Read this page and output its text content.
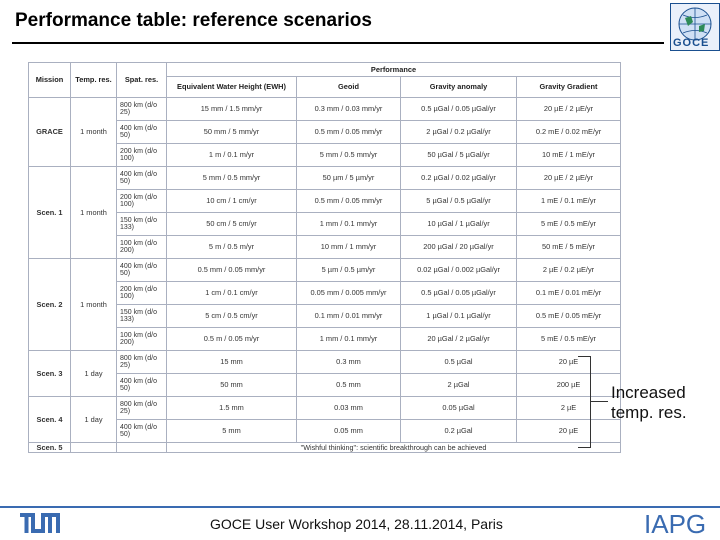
Performance table: reference scenarios
GOCE
Mission	Temp. res.	Spat. res.	Performance			
			Equivalent Water Height (EWH)	Geoid	Gravity anomaly	Gravity Gradient
GRACE	1 month	800 km (d/o 25)	15 mm / 1.5 mm/yr	0.3 mm / 0.03 mm/yr	0.5 µGal / 0.05 µGal/yr	20 µE / 2 µE/yr
		400 km (d/o 50)	50 mm / 5 mm/yr	0.5 mm / 0.05 mm/yr	2 µGal / 0.2 µGal/yr	0.2 mE / 0.02 mE/yr
		200 km (d/o 100)	1 m / 0.1 m/yr	5 mm / 0.5 mm/yr	50 µGal / 5 µGal/yr	10 mE / 1 mE/yr
Scen. 1	1 month	400 km (d/o 50)	5 mm / 0.5 mm/yr	50 µm / 5 µm/yr	0.2 µGal / 0.02 µGal/yr	20 µE / 2 µE/yr
		200 km (d/o 100)	10 cm / 1 cm/yr	0.5 mm / 0.05 mm/yr	5 µGal / 0.5 µGal/yr	1 mE / 0.1 mE/yr
		150 km (d/o 133)	50 cm / 5 cm/yr	1 mm / 0.1 mm/yr	10 µGal / 1 µGal/yr	5 mE / 0.5 mE/yr
		100 km (d/o 200)	5 m / 0.5 m/yr	10 mm / 1 mm/yr	200 µGal / 20 µGal/yr	50 mE / 5 mE/yr
Scen. 2	1 month	400 km (d/o 50)	0.5 mm / 0.05 mm/yr	5 µm / 0.5 µm/yr	0.02 µGal / 0.002 µGal/yr	2 µE / 0.2 µE/yr
		200 km (d/o 100)	1 cm / 0.1 cm/yr	0.05 mm / 0.005 mm/yr	0.5 µGal / 0.05 µGal/yr	0.1 mE / 0.01 mE/yr
		150 km (d/o 133)	5 cm / 0.5 cm/yr	0.1 mm / 0.01 mm/yr	1 µGal / 0.1 µGal/yr	0.5 mE / 0.05 mE/yr
		100 km (d/o 200)	0.5 m / 0.05 m/yr	1 mm / 0.1 mm/yr	20 µGal / 2 µGal/yr	5 mE / 0.5 mE/yr
Scen. 3	1 day	800 km (d/o 25)	15 mm	0.3 mm	0.5 µGal	20 µE
		400 km (d/o 50)	50 mm	0.5 mm	2 µGal	200 µE
Scen. 4	1 day	800 km (d/o 25)	1.5 mm	0.03 mm	0.05 µGal	2 µE
		400 km (d/o 50)	5 mm	0.05 mm	0.2 µGal	20 µE
Scen. 5			"Wishful thinking": scientific breakthrough can be achieved			
Increased temp. res.
GOCE User Workshop 2014, 28.11.2014, Paris	IAPG
